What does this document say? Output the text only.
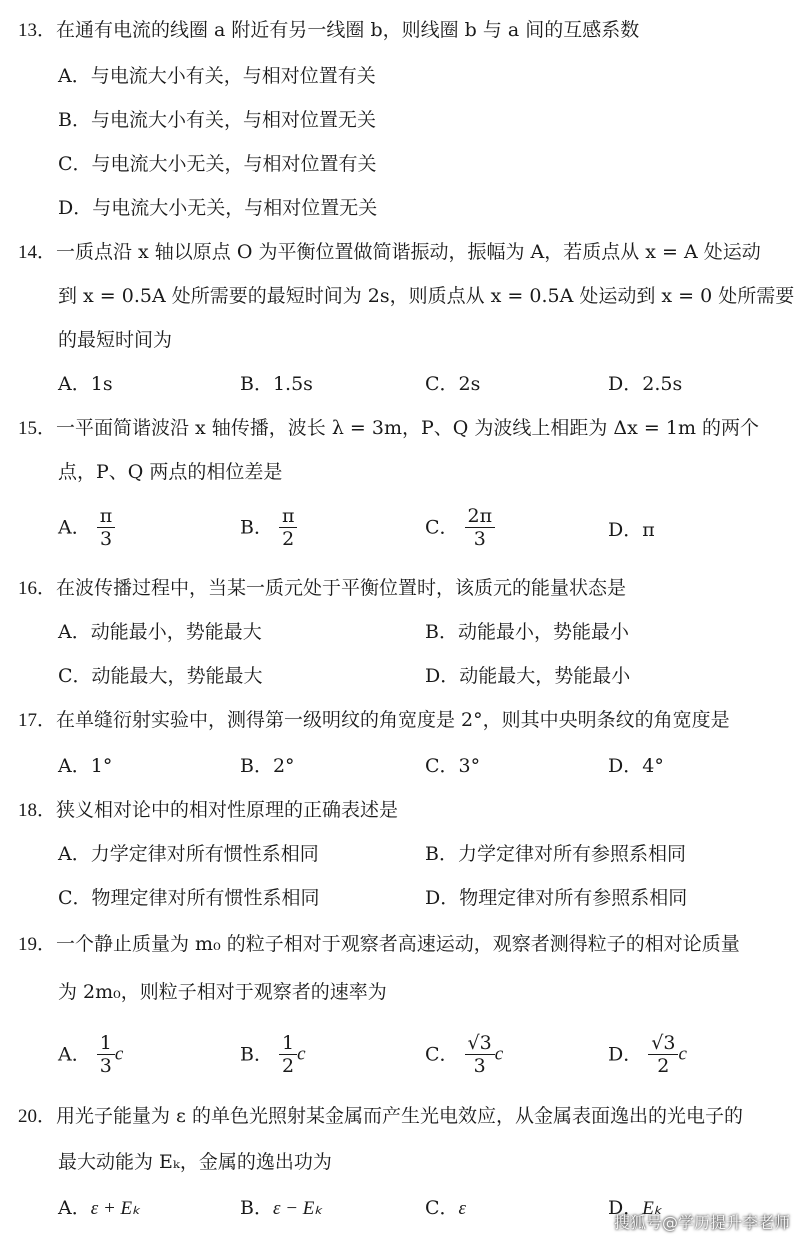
13．在通有电流的线圈 a 附近有另一线圈 b，则线圈 b 与 a 间的互感系数
A．与电流大小有关，与相对位置有关
B．与电流大小有关，与相对位置无关
C．与电流大小无关，与相对位置有关
D．与电流大小无关，与相对位置无关
14．一质点沿 x 轴以原点 O 为平衡位置做简谐振动，振幅为 A，若质点从 x = A 处运动
到 x = 0.5A 处所需要的最短时间为 2s，则质点从 x = 0.5A 处运动到 x = 0 处所需要
的最短时间为
A．1s	B．1.5s	C．2s	D．2.5s
15．一平面简谐波沿 x 轴传播，波长 λ = 3m，P、Q 为波线上相距为 Δx = 1m 的两个
点，P、Q 两点的相位差是
A． $\frac{\pi}{3}$	B． $\frac{\pi}{2}$	C． $\frac{2\pi}{3}$	D．π
16．在波传播过程中，当某一质元处于平衡位置时，该质元的能量状态是
A．动能最小，势能最大	B．动能最小，势能最小
C．动能最大，势能最大	D．动能最大，势能最小
17．在单缝衍射实验中，测得第一级明纹的角宽度是 2°，则其中央明条纹的角宽度是
A．1°	B．2°	C．3°	D．4°
18．狭义相对论中的相对性原理的正确表述是
A．力学定律对所有惯性系相同	B．力学定律对所有参照系相同
C．物理定律对所有惯性系相同	D．物理定律对所有参照系相同
19．一个静止质量为 m₀ 的粒子相对于观察者高速运动，观察者测得粒子的相对论质量
为 2m₀，则粒子相对于观察者的速率为
A． $\frac{1}{3}$ c	B． $\frac{1}{2}$ c	C． $\frac{√3}{3}$ c	D． $\frac{√3}{2}$ c
20．用光子能量为 ε 的单色光照射某金属而产生光电效应，从金属表面逸出的光电子的
最大动能为 Eₖ，金属的逸出功为
A．ε + Eₖ	B．ε − Eₖ	C．ε	D．Eₖ
搜狐号@学历提升李老师
